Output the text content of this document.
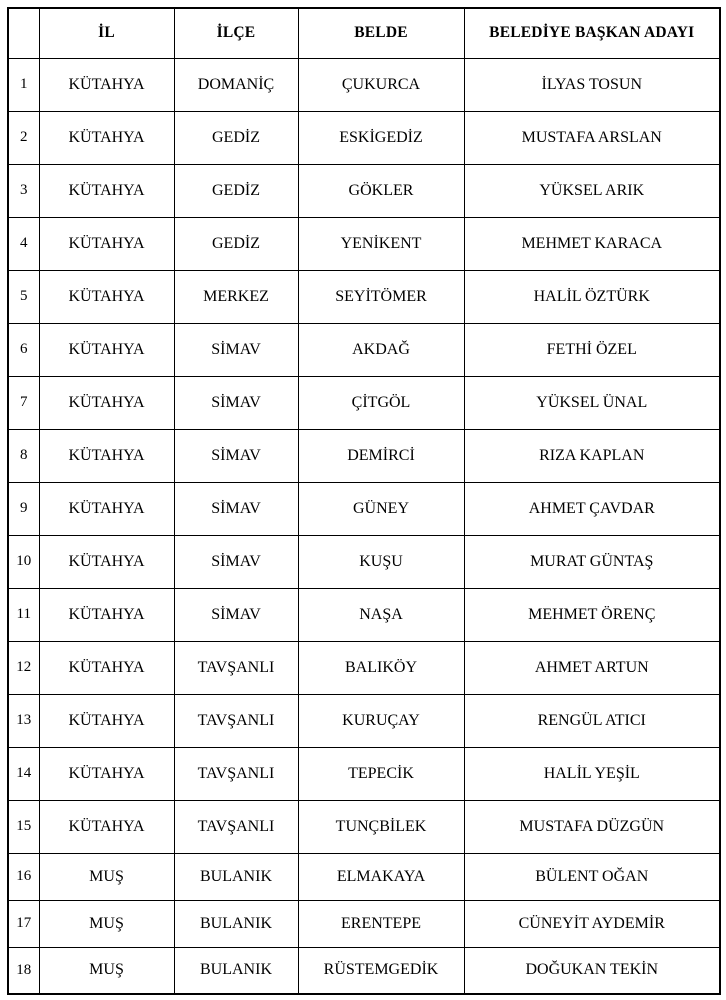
	İL	İLÇE	BELDE	BELEDİYE BAŞKAN ADAYI
1	KÜTAHYA	DOMANİÇ	ÇUKURCA	İLYAS TOSUN
2	KÜTAHYA	GEDİZ	ESKİGEDİZ	MUSTAFA ARSLAN
3	KÜTAHYA	GEDİZ	GÖKLER	YÜKSEL ARIK
4	KÜTAHYA	GEDİZ	YENİKENT	MEHMET KARACA
5	KÜTAHYA	MERKEZ	SEYİTÖMER	HALİL ÖZTÜRK
6	KÜTAHYA	SİMAV	AKDAĞ	FETHİ ÖZEL
7	KÜTAHYA	SİMAV	ÇİTGÖL	YÜKSEL ÜNAL
8	KÜTAHYA	SİMAV	DEMİRCİ	RIZA KAPLAN
9	KÜTAHYA	SİMAV	GÜNEY	AHMET ÇAVDAR
10	KÜTAHYA	SİMAV	KUŞU	MURAT GÜNTAŞ
11	KÜTAHYA	SİMAV	NAŞA	MEHMET ÖRENÇ
12	KÜTAHYA	TAVŞANLI	BALIKÖY	AHMET ARTUN
13	KÜTAHYA	TAVŞANLI	KURUÇAY	RENGÜL ATICI
14	KÜTAHYA	TAVŞANLI	TEPECİK	HALİL YEŞİL
15	KÜTAHYA	TAVŞANLI	TUNÇBİLEK	MUSTAFA DÜZGÜN
16	MUŞ	BULANIK	ELMAKAYA	BÜLENT OĞAN
17	MUŞ	BULANIK	ERENTEPE	CÜNEYİT AYDEMİR
18	MUŞ	BULANIK	RÜSTEMGEDİK	DOĞUKAN TEKİN
